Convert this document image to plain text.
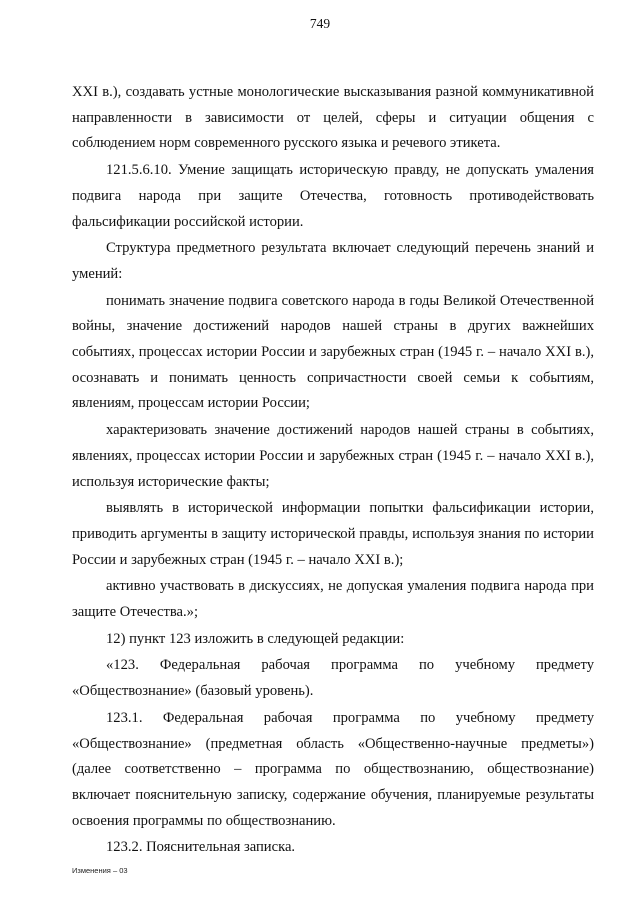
749

XXI в.), создавать устные монологические высказывания разной коммуникативной направленности в зависимости от целей, сферы и ситуации общения с соблюдением норм современного русского языка и речевого этикета.

121.5.6.10. Умение защищать историческую правду, не допускать умаления подвига народа при защите Отечества, готовность противодействовать фальсификации российской истории.

Структура предметного результата включает следующий перечень знаний и умений:

понимать значение подвига советского народа в годы Великой Отечественной войны, значение достижений народов нашей страны в других важнейших событиях, процессах истории России и зарубежных стран (1945 г. – начало XXI в.), осознавать и понимать ценность сопричастности своей семьи к событиям, явлениям, процессам истории России;

характеризовать значение достижений народов нашей страны в событиях, явлениях, процессах истории России и зарубежных стран (1945 г. – начало XXI в.), используя исторические факты;

выявлять в исторической информации попытки фальсификации истории, приводить аргументы в защиту исторической правды, используя знания по истории России и зарубежных стран (1945 г. – начало XXI в.);

активно участвовать в дискуссиях, не допуская умаления подвига народа при защите Отечества.»;

12) пункт 123 изложить в следующей редакции:

«123. Федеральная рабочая программа по учебному предмету «Обществознание» (базовый уровень).

123.1. Федеральная рабочая программа по учебному предмету «Обществознание» (предметная область «Общественно-научные предметы») (далее соответственно – программа по обществознанию, обществознание) включает пояснительную записку, содержание обучения, планируемые результаты освоения программы по обществознанию.

123.2. Пояснительная записка.

Изменения – 03
